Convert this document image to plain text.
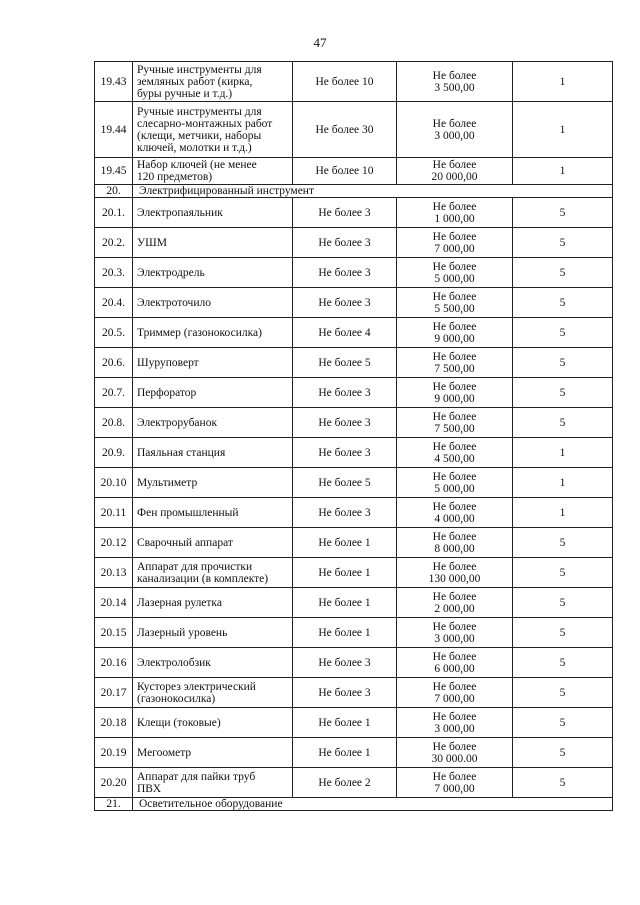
47
19.43	Ручные инструменты для
земляных работ (кирка,
буры ручные и т.д.)	Не более 10	Не более
3 500,00	1
19.44	Ручные инструменты для
слесарно-монтажных работ
(клещи, метчики, наборы
ключей, молотки и т.д.)	Не более 30	Не более
3 000,00	1
19.45	Набор ключей (не менее
120 предметов)	Не более 10	Не более
20 000,00	1
20.	Электрифицированный инструмент			
20.1.	Электропаяльник	Не более 3	Не более
1 000,00	5
20.2.	УШМ	Не более 3	Не более
7 000,00	5
20.3.	Электродрель	Не более 3	Не более
5 000,00	5
20.4.	Электроточило	Не более 3	Не более
5 500,00	5
20.5.	Триммер (газонокосилка)	Не более 4	Не более
9 000,00	5
20.6.	Шуруповерт	Не более 5	Не более
7 500,00	5
20.7.	Перфоратор	Не более 3	Не более
9 000,00	5
20.8.	Электрорубанок	Не более 3	Не более
7 500,00	5
20.9.	Паяльная станция	Не более 3	Не более
4 500,00	1
20.10	Мультиметр	Не более 5	Не более
5 000,00	1
20.11	Фен промышленный	Не более 3	Не более
4 000,00	1
20.12	Сварочный аппарат	Не более 1	Не более
8 000,00	5
20.13	Аппарат для прочистки
канализации (в комплекте)	Не более 1	Не более
130 000,00	5
20.14	Лазерная рулетка	Не более 1	Не более
2 000,00	5
20.15	Лазерный уровень	Не более 1	Не более
3 000,00	5
20.16	Электролобзик	Не более 3	Не более
6 000,00	5
20.17	Кусторез электрический
(газонокосилка)	Не более 3	Не более
7 000,00	5
20.18	Клещи (токовые)	Не более 1	Не более
3 000,00	5
20.19	Мегоометр	Не более 1	Не более
30 000.00	5
20.20	Аппарат для пайки труб
ПВХ	Не более 2	Не более
7 000,00	5
21.	Осветительное оборудование			
